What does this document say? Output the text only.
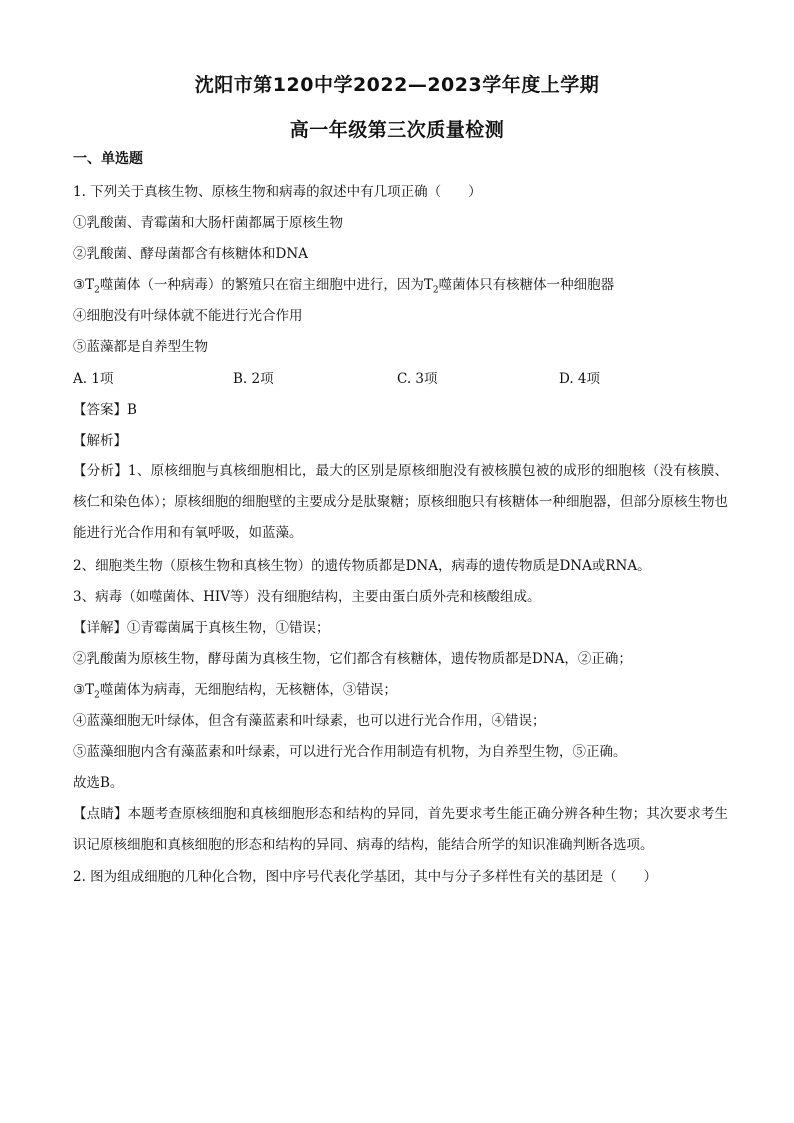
沈阳市第120中学2022—2023学年度上学期
高一年级第三次质量检测
一、单选题
1. 下列关于真核生物、原核生物和病毒的叙述中有几项正确（　　）
①乳酸菌、青霉菌和大肠杆菌都属于原核生物
②乳酸菌、酵母菌都含有核糖体和DNA
$③T_2$噬菌体（一种病毒）的繁殖只在宿主细胞中进行，因为$T_2$噬菌体只有核糖体一种细胞器
④细胞没有叶绿体就不能进行光合作用
⑤蓝藻都是自养型生物
A. 1项	B. 2项	C. 3项	D. 4项
【答案】B
【解析】
【分析】1、原核细胞与真核细胞相比，最大的区别是原核细胞没有被核膜包被的成形的细胞核（没有核膜、核仁和染色体）；原核细胞的细胞壁的主要成分是肽聚糖；原核细胞只有核糖体一种细胞器，但部分原核生物也能进行光合作用和有氧呼吸，如蓝藻。
2、细胞类生物（原核生物和真核生物）的遗传物质都是DNA，病毒的遗传物质是DNA或RNA。
3、病毒（如噬菌体、HIV等）没有细胞结构，主要由蛋白质外壳和核酸组成。
【详解】①青霉菌属于真核生物，①错误；
②乳酸菌为原核生物，酵母菌为真核生物，它们都含有核糖体，遗传物质都是DNA，②正确；
$③T_2$噬菌体为病毒，无细胞结构，无核糖体，③错误；
④蓝藻细胞无叶绿体，但含有藻蓝素和叶绿素，也可以进行光合作用，④错误；
⑤蓝藻细胞内含有藻蓝素和叶绿素，可以进行光合作用制造有机物，为自养型生物，⑤正确。
故选B。
【点睛】本题考查原核细胞和真核细胞形态和结构的异同，首先要求考生能正确分辨各种生物；其次要求考生识记原核细胞和真核细胞的形态和结构的异同、病毒的结构，能结合所学的知识准确判断各选项。
2. 图为组成细胞的几种化合物，图中序号代表化学基团，其中与分子多样性有关的基团是（　　）
